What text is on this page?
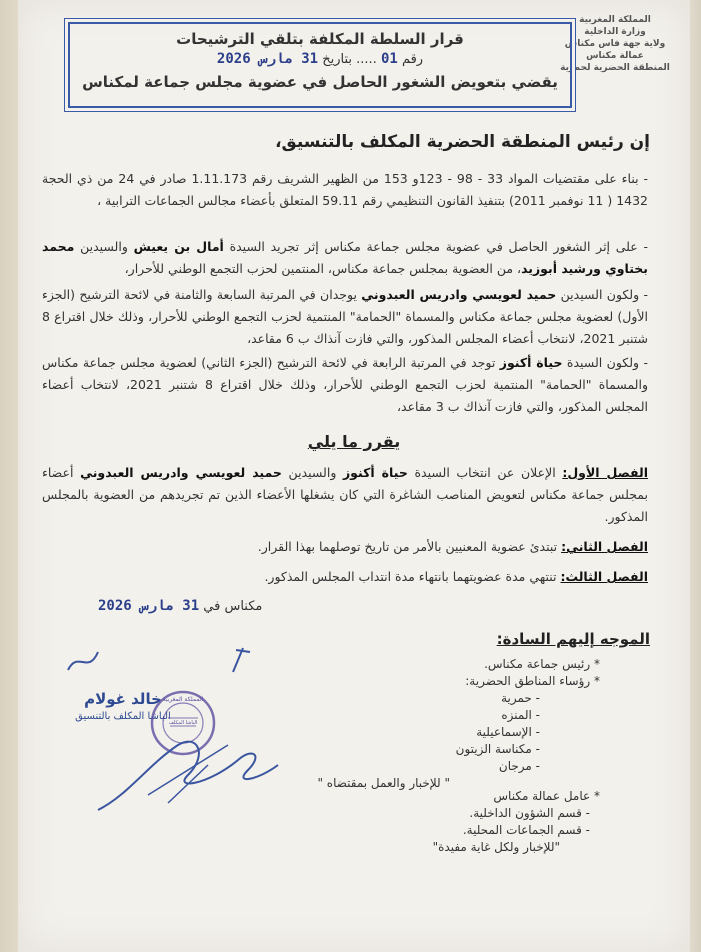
المملكة المغربية
وزارة الداخلية
ولاية جهة فاس مكناس
عمالة مكناس
المنطقة الحضرية لحمرية
قرار السلطة المكلفة بتلقي الترشيحات
رقم 01 ..... بتاريخ 31 مارس 2026
يقضي بتعويض الشغور الحاصل في عضوية مجلس جماعة لمكناس
إن رئيس المنطقة الحضرية المكلف بالتنسيق،
- بناء على مقتضيات المواد 33 - 98 - 123و 153 من الظهير الشريف رقم 1.11.173 صادر في 24 من ذي الحجة 1432 ( 11 نوفمبر 2011) بتنفيذ القانون التنظيمي رقم 59.11 المتعلق بأعضاء مجالس الجماعات الترابية ،
- على إثر الشغور الحاصل في عضوية مجلس جماعة مكناس إثر تجريد السيدة أمال بن يعيش والسيدين محمد بختاوي ورشيد أبوزيد، من العضوية بمجلس جماعة مكناس، المنتمين لحزب التجمع الوطني للأحرار،
- ولكون السيدين حميد لعويسي وادريس العبدوني يوجدان في المرتبة السابعة والثامنة في لائحة الترشيح (الجزء الأول) لعضوية مجلس جماعة مكناس والمسماة "الحمامة" المنتمية لحزب التجمع الوطني للأحرار، وذلك خلال اقتراع 8 شتنبر 2021، لانتخاب أعضاء المجلس المذكور، والتي فازت آنذاك ب 6 مقاعد،
- ولكون السيدة حياة أكنوز توجد في المرتبة الرابعة في لائحة الترشيح (الجزء الثاني) لعضوية مجلس جماعة مكناس والمسماة "الحمامة" المنتمية لحزب التجمع الوطني للأحرار، وذلك خلال اقتراع 8 شتنبر 2021، لانتخاب أعضاء المجلس المذكور، والتي فازت آنذاك ب 3 مقاعد،
يقرر ما يلي
الفصل الأول: الإعلان عن انتخاب السيدة حياة أكنوز والسيدين حميد لعويسي وادريس العبدوني أعضاء بمجلس جماعة مكناس لتعويض المناصب الشاغرة التي كان يشغلها الأعضاء الذين تم تجريدهم من العضوية بالمجلس المذكور.
الفصل الثاني: تبتدئ عضوية المعنيين بالأمر من تاريخ توصلهما بهذا القرار.
الفصل الثالث: تنتهي مدة عضويتهما بانتهاء مدة انتداب المجلس المذكور.
مكناس في 31 مارس 2026
الموجه إليهم السادة:
* رئيس جماعة مكناس.
* رؤساء المناطق الحضرية:
- حمرية
- المنزه
- الإسماعيلية
- مكناسة الزيتون
- مرجان
" للإخبار والعمل بمقتضاه "
* عامل عمالة مكناس
- قسم الشؤون الداخلية.
- قسم الجماعات المحلية.
"للإخبار ولكل غاية مفيدة"
خالد غولام
الباشا المكلف بالتنسيق
المملكة المغربية
الباشا المكلف
